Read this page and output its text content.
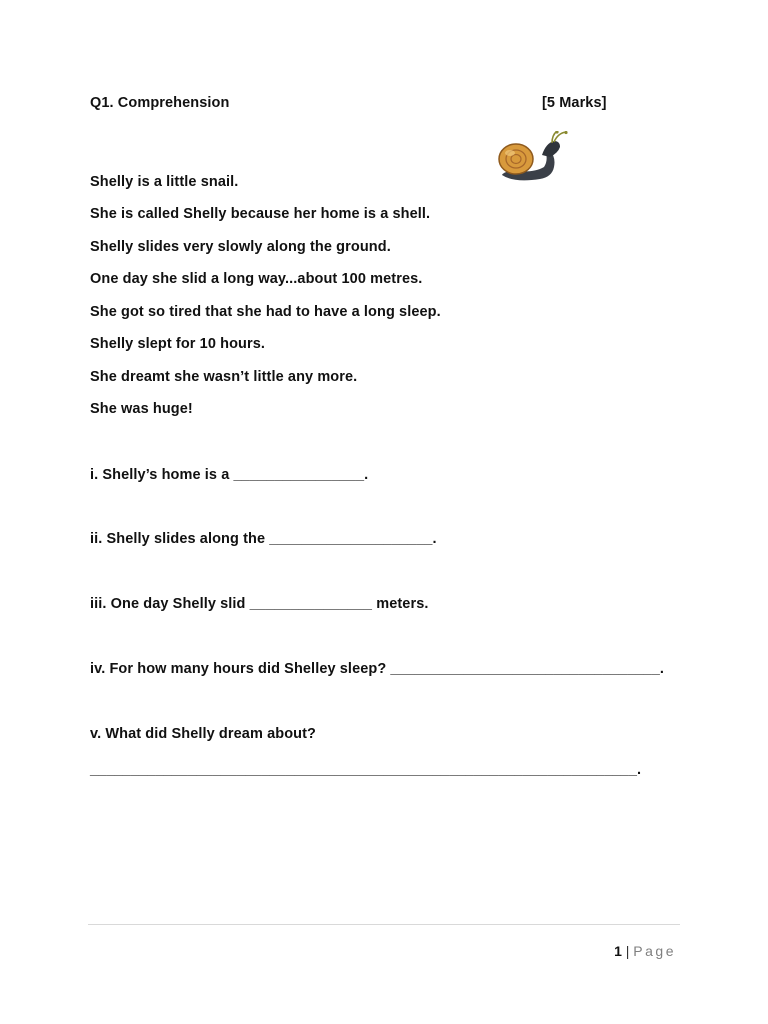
Q1. Comprehension	[5 Marks]
Shelly is a little snail.
She is called Shelly because her home is a shell.
Shelly slides very slowly along the ground.
One day she slid a long way...about 100 metres.
She got so tired that she had to have a long sleep.
Shelly slept for 10 hours.
She dreamt she wasn’t little any more.
She was huge!
i. Shelly’s home is a ________________.
ii. Shelly slides along the ____________________.
iii. One day Shelly slid _______________ meters.
iv. For how many hours did Shelley sleep? _________________________________.
v. What did Shelly dream about?
___________________________________________________________________.
1 | Page
